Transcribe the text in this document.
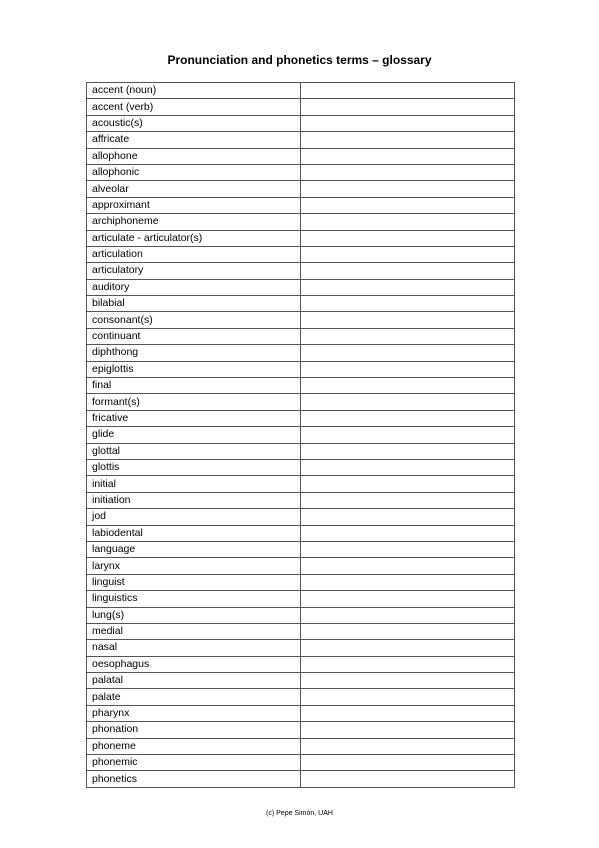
Pronunciation and phonetics terms – glossary
accent (noun)	
accent (verb)	
acoustic(s)	
affricate	
allophone	
allophonic	
alveolar	
approximant	
archiphoneme	
articulate - articulator(s)	
articulation	
articulatory	
auditory	
bilabial	
consonant(s)	
continuant	
diphthong	
epiglottis	
final	
formant(s)	
fricative	
glide	
glottal	
glottis	
initial	
initiation	
jod	
labiodental	
language	
larynx	
linguist	
linguistics	
lung(s)	
medial	
nasal	
oesophagus	
palatal	
palate	
pharynx	
phonation	
phoneme	
phonemic	
phonetics	
(c) Pepe Simón, UAH
